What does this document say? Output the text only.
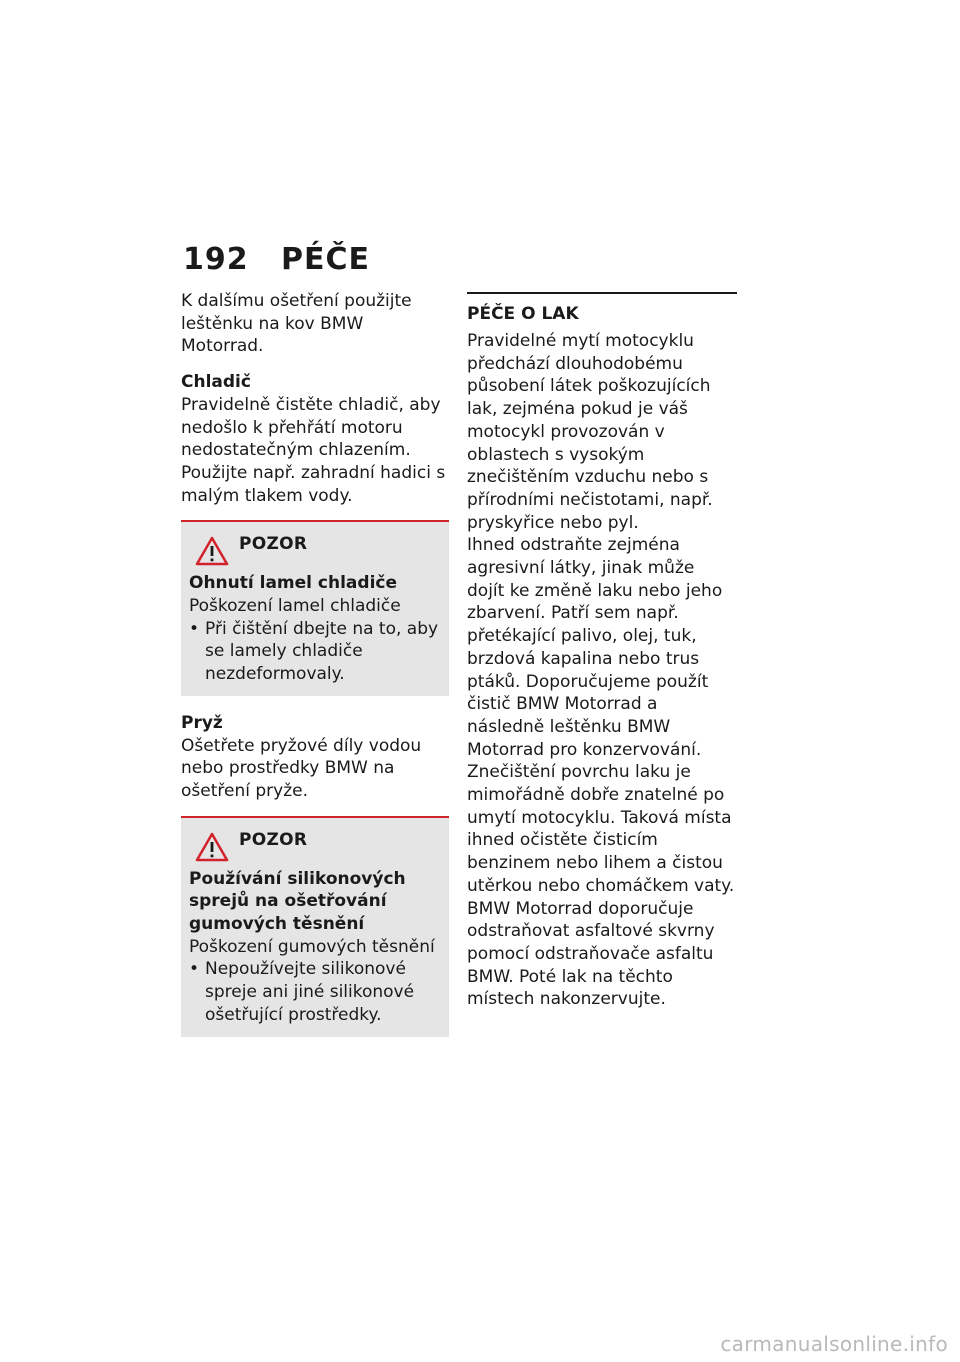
192	PÉČE

K dalšímu ošetření použijte leštěnku na kov BMW Motorrad.

Chladič

Pravidelně čistěte chladič, aby nedošlo k přehřátí motoru nedostatečným chlazením.

Použijte např. zahradní hadici s malým tlakem vody.

POZOR
Ohnutí lamel chladiče

Poškození lamel chladiče

• Při čištění dbejte na to, aby se lamely chladiče nezdeformovaly.
Pryž

Ošetřete pryžové díly vodou nebo prostředky BMW na ošetření pryže.

POZOR
Používání silikonových sprejů na ošetřování gumových těsnění

Poškození gumových těsnění

• Nepoužívejte silikonové spreje ani jiné silikonové ošetřující prostředky.
PÉČE O LAK

Pravidelné mytí motocyklu předchází dlouhodobému působení látek poškozujících lak, zejména pokud je váš motocykl provozován v oblastech s vysokým znečištěním vzduchu nebo s přírodními nečistotami, např. pryskyřice nebo pyl.

Ihned odstraňte zejména agresivní látky, jinak může dojít ke změně laku nebo jeho zbarvení. Patří sem např. přetékající palivo, olej, tuk, brzdová kapalina nebo trus ptáků. Doporučujeme použít čistič BMW Motorrad a následně leštěnku BMW Motorrad pro konzervování.

Znečištění povrchu laku je mimořádně dobře znatelné po umytí motocyklu. Taková místa ihned očistěte čisticím benzinem nebo lihem a čistou utěrkou nebo chomáčkem vaty. BMW Motorrad doporučuje odstraňovat asfaltové skvrny pomocí odstraňovače asfaltu BMW. Poté lak na těchto místech nakonzervujte.

carmanualsonline.info
